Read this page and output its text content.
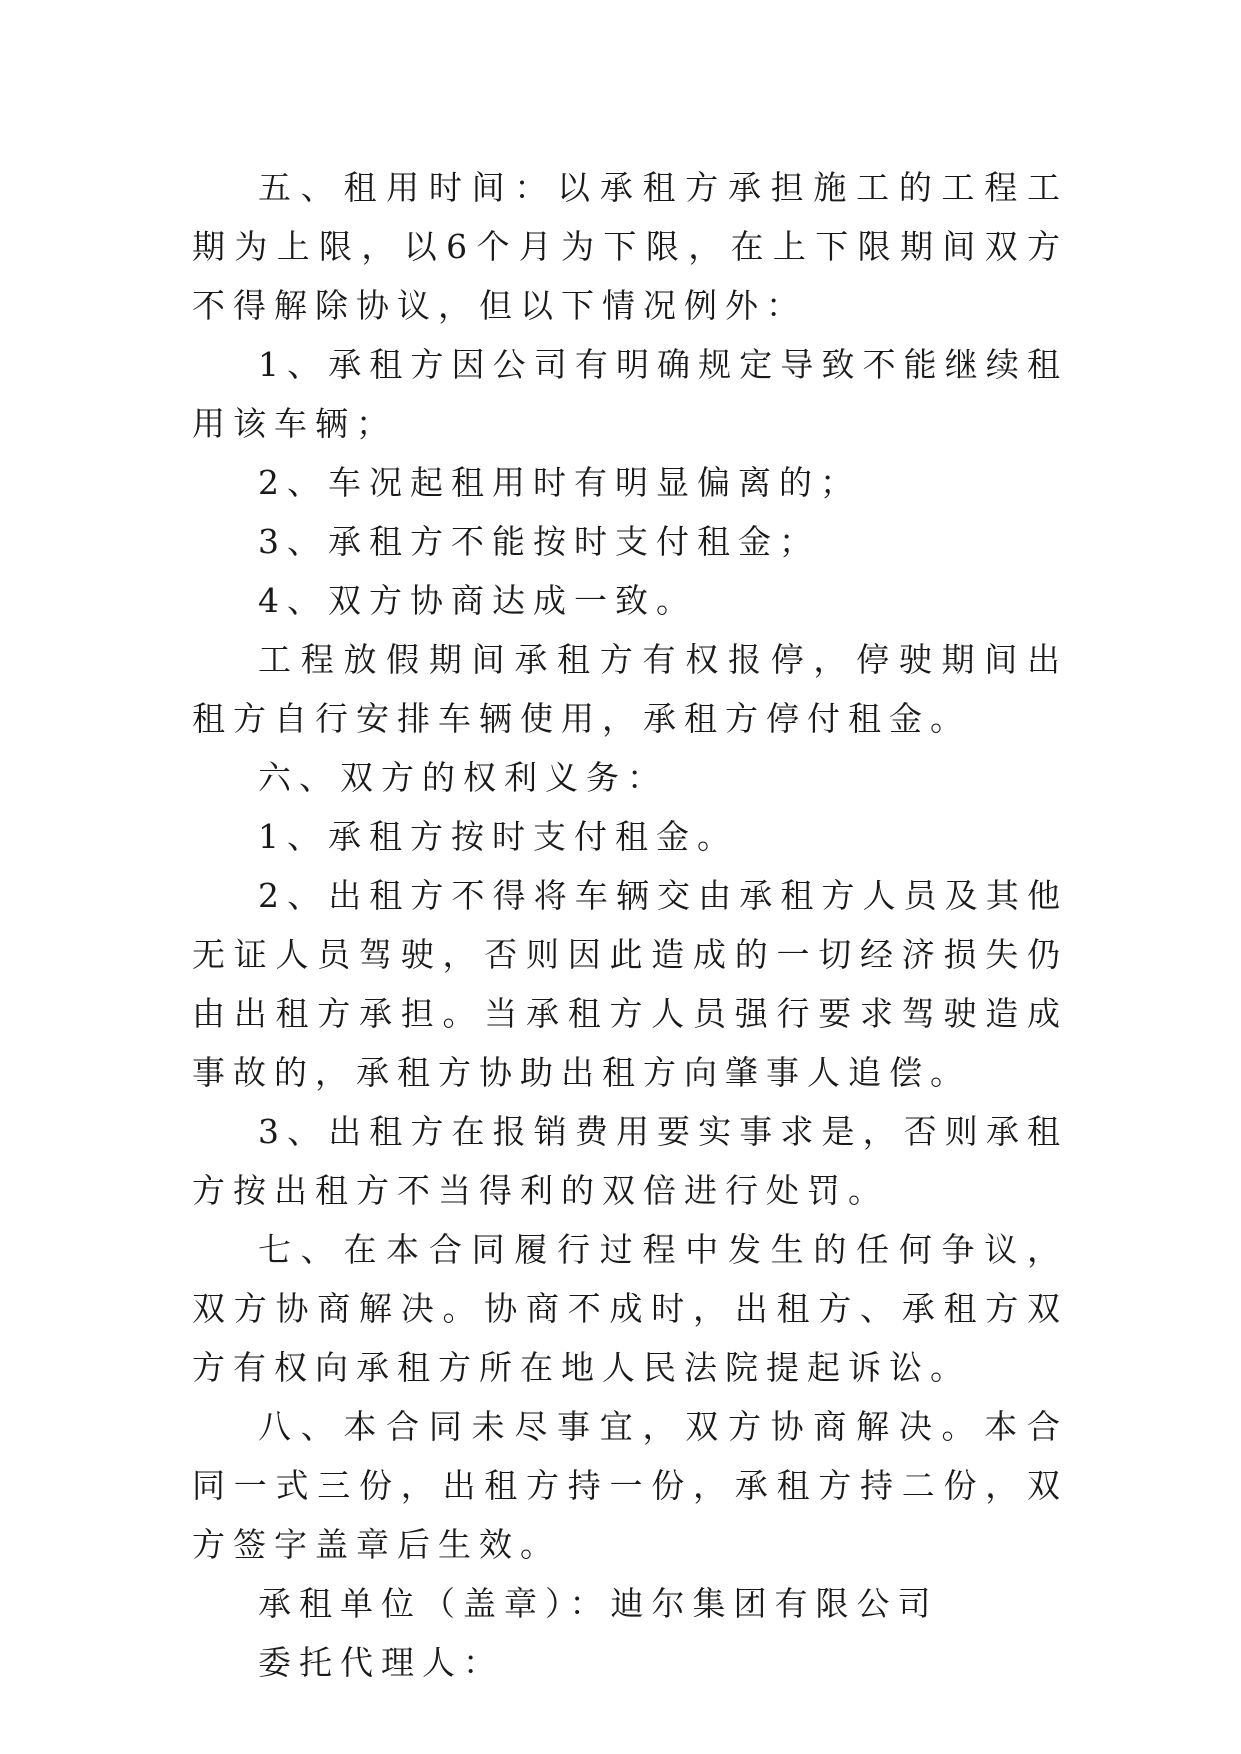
五、租用时间：以承租方承担施工的工程工期为上限，以6个月为下限，在上下限期间双方不得解除协议，但以下情况例外：

1、承租方因公司有明确规定导致不能继续租用该车辆；

2、车况起租用时有明显偏离的；

3、承租方不能按时支付租金；

4、双方协商达成一致。

工程放假期间承租方有权报停，停驶期间出租方自行安排车辆使用，承租方停付租金。

六、双方的权利义务：

1、承租方按时支付租金。

2、出租方不得将车辆交由承租方人员及其他无证人员驾驶，否则因此造成的一切经济损失仍由出租方承担。当承租方人员强行要求驾驶造成事故的，承租方协助出租方向肇事人追偿。

3、出租方在报销费用要实事求是，否则承租方按出租方不当得利的双倍进行处罚。

七、在本合同履行过程中发生的任何争议，双方协商解决。协商不成时，出租方、承租方双方有权向承租方所在地人民法院提起诉讼。

八、本合同未尽事宜，双方协商解决。本合同一式三份，出租方持一份，承租方持二份，双方签字盖章后生效。

承租单位（盖章）：迪尔集团有限公司

委托代理人：
